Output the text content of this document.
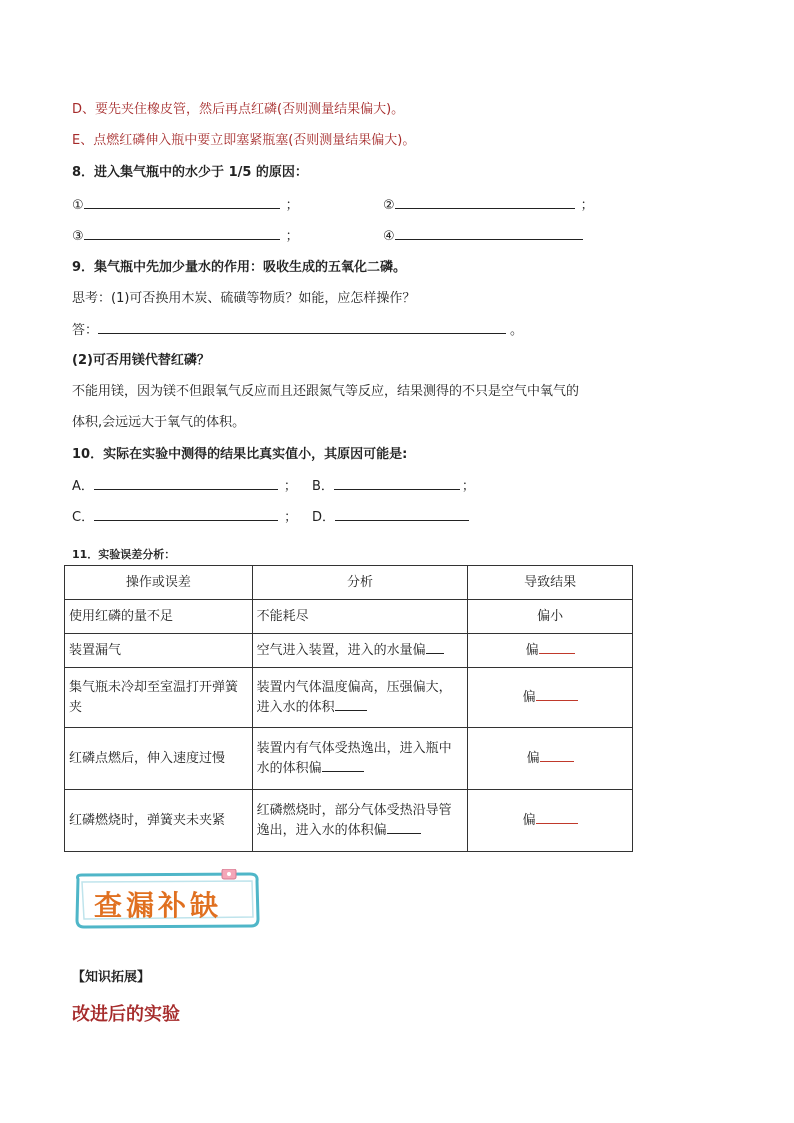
D、要先夹住橡皮管，然后再点红磷(否则测量结果偏大)。
E、点燃红磷伸入瓶中要立即塞紧瓶塞(否则测量结果偏大)。
8．进入集气瓶中的水少于 1/5 的原因：
①	；	②	；
③	；	④
9．集气瓶中先加少量水的作用：吸收生成的五氧化二磷。
思考：(1)可否换用木炭、硫磺等物质？如能，应怎样操作？
答：	。
(2)可否用镁代替红磷？
不能用镁，因为镁不但跟氧气反应而且还跟氮气等反应，结果测得的不只是空气中氧气的
体积,会远远大于氧气的体积。
10．实际在实验中测得的结果比真实值小，其原因可能是:
A．	； B．	；
C．	； D．
11．实验误差分析：
操作或误差	分析	导致结果
使用红磷的量不足	不能耗尽	偏小
装置漏气	空气进入装置，进入的水量偏	偏
集气瓶未冷却至室温打开弹簧夹	装置内气体温度偏高，压强偏大，进入水的体积	偏
红磷点燃后，伸入速度过慢	装置内有气体受热逸出，进入瓶中水的体积偏	偏
红磷燃烧时，弹簧夹未夹紧	红磷燃烧时，部分气体受热沿导管逸出，进入水的体积偏	偏
查漏补缺
【知识拓展】
改进后的实验
